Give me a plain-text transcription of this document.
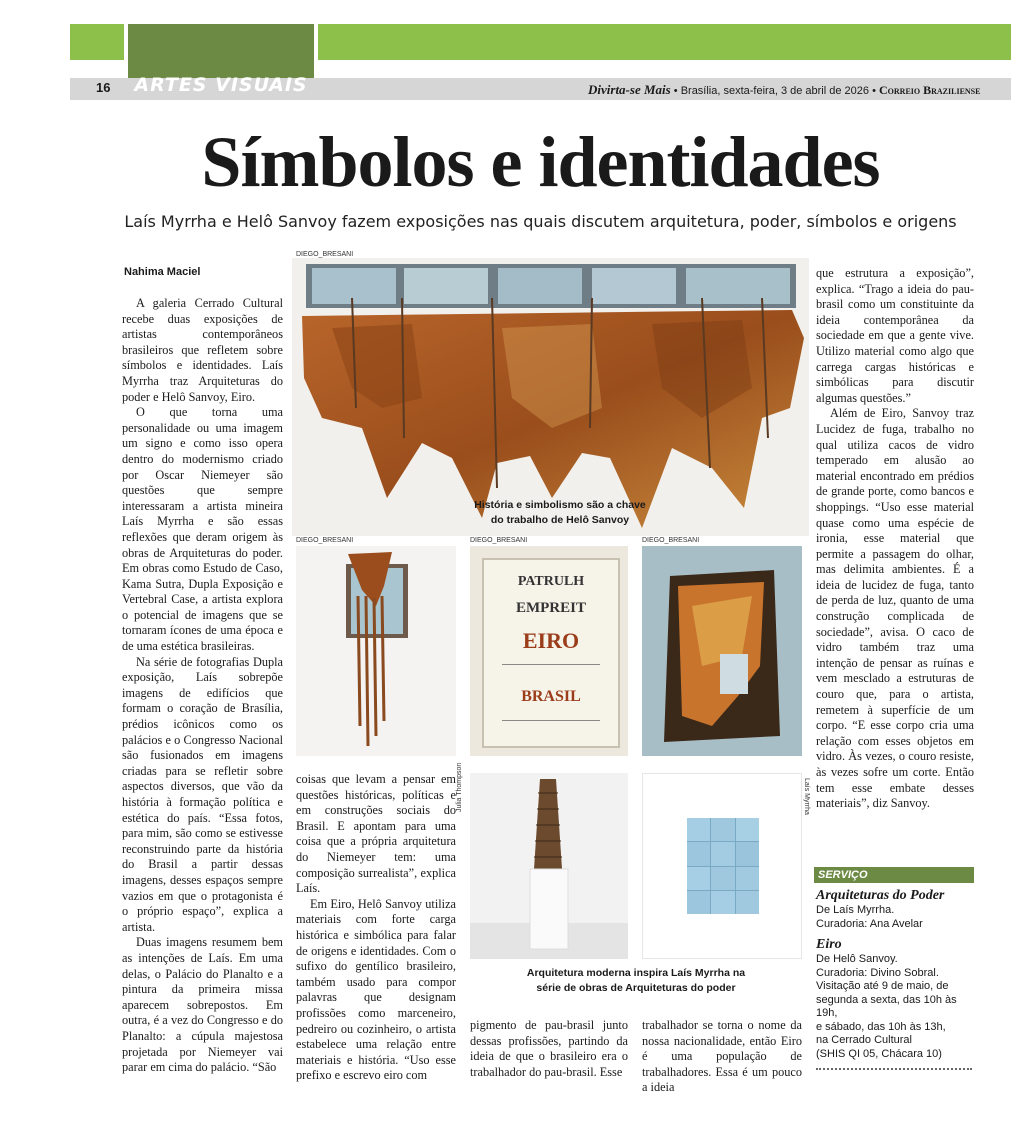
16	ARTES VISUAIS	Divirta-se Mais • Brasília, sexta-feira, 3 de abril de 2026 • Correio Braziliense
Símbolos e identidades
Laís Myrrha e Helô Sanvoy fazem exposições nas quais discutem arquitetura, poder, símbolos e origens
Nahima Maciel

A galeria Cerrado Cultural recebe duas exposições de artistas contemporâneos brasileiros que refletem sobre símbolos e identidades. Laís Myrrha traz Arquiteturas do poder e Helô Sanvoy, Eiro.

O que torna uma personalidade ou uma imagem um signo e como isso opera dentro do modernismo criado por Oscar Niemeyer são questões que sempre interessaram a artista mineira Laís Myrrha e são essas reflexões que deram origem às obras de Arquiteturas do poder. Em obras como Estudo de Caso, Kama Sutra, Dupla Exposição e Vertebral Case, a artista explora o potencial de imagens que se tornaram ícones de uma época e de uma estética brasileiras.

Na série de fotografias Dupla exposição, Laís sobrepõe imagens de edifícios que formam o coração de Brasília, prédios icônicos como os palácios e o Congresso Nacional são fusionados em imagens criadas para se refletir sobre aspectos diversos, que vão da história à formação política e estética do país. “Essa fotos, para mim, são como se estivesse reconstruindo parte da história do Brasil a partir dessas imagens, desses espaços sempre vazios em que o protagonista é o próprio espaço”, explica a artista.

Duas imagens resumem bem as intenções de Laís. Em uma delas, o Palácio do Planalto e a pintura da primeira missa aparecem sobrepostos. Em outra, é a vez do Congresso e do Planalto: a cúpula majestosa projetada por Niemeyer vai parar em cima do palácio. “São

DIEGO_BRESANI
História e simbolismo são a chave
do trabalho de Helô Sanvoy
DIEGO_BRESANI	DIEGO_BRESANI
PATRULH
EMPREIT
EIRO
BRASIL
DIEGO_BRESANI

coisas que levam a pensar em questões históricas, políticas e em construções sociais do Brasil. E apontam para uma coisa que a própria arquitetura do Niemeyer tem: uma composição surrealista”, explica Laís.

Em Eiro, Helô Sanvoy utiliza materiais com forte carga histórica e simbólica para falar de origens e identidades. Com o sufixo do gentílico brasileiro, também usado para compor palavras que designam profissões como marceneiro, pedreiro ou cozinheiro, o artista estabelece uma relação entre materiais e história. “Uso esse prefixo e escrevo eiro com

Julia Thompson	Laís Myrrha
Arquitetura moderna inspira Laís Myrrha na
série de obras de Arquiteturas do poder

pigmento de pau-brasil junto dessas profissões, partindo da ideia de que o brasileiro era o trabalhador do pau-brasil. Esse

trabalhador se torna o nome da nossa nacionalidade, então Eiro é uma população de trabalhadores. Essa é um pouco a ideia

que estrutura a exposição”, explica. “Trago a ideia do pau-brasil como um constituinte da ideia contemporânea da sociedade em que a gente vive. Utilizo material como algo que carrega cargas históricas e simbólicas para discutir algumas questões.”

Além de Eiro, Sanvoy traz Lucidez de fuga, trabalho no qual utiliza cacos de vidro temperado em alusão ao material encontrado em prédios de grande porte, como bancos e shoppings. “Uso esse material quase como uma espécie de ironia, esse material que permite a passagem do olhar, mas delimita ambientes. É a ideia de lucidez de fuga, tanto de perda de luz, quanto de uma construção complicada de sociedade”, avisa. O caco de vidro também traz uma intenção de pensar as ruínas e vem mesclado a estruturas de couro que, para o artista, remetem à superfície de um corpo. “E esse corpo cria uma relação com esses objetos em vidro. Às vezes, o couro resiste, às vezes sofre um corte. Então tem esse embate desses materiais”, diz Sanvoy.

SERVIÇO
Arquiteturas do Poder
De Laís Myrrha.
Curadoria: Ana Avelar
Eiro
De Helô Sanvoy.
Curadoria: Divino Sobral.
Visitação até 9 de maio, de
segunda a sexta, das 10h às 19h,
e sábado, das 10h às 13h,
na Cerrado Cultural
(SHIS QI 05, Chácara 10)
